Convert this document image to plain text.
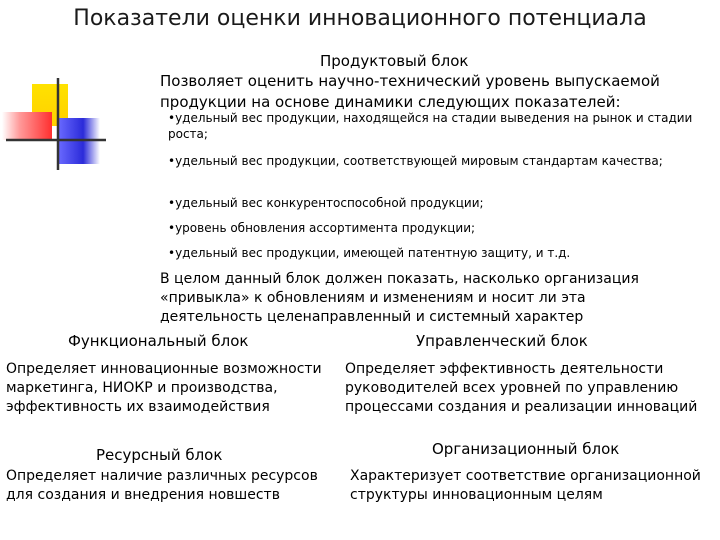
Показатели оценки инновационного потенциала
Продуктовый блок
Позволяет оценить научно-технический уровень выпускаемой продукции на основе динамики следующих показателей:
•удельный вес продукции, находящейся на стадии выведения на рынок и стадии роста;
•удельный вес продукции, соответствующей мировым стандартам качества;
•удельный вес конкурентоспособной продукции;
•уровень обновления ассортимента продукции;
•удельный вес продукции, имеющей патентную защиту, и т.д.
В целом данный блок должен показать, насколько организация «привыкла» к обновлениям и изменениям и носит ли эта деятельность целенаправленный и системный характер
Функциональный блок	Управленческий блок
Определяет инновационные возможности маркетинга, НИОКР и производства, эффективность их взаимодействия
Определяет эффективность деятельности руководителей всех уровней по управлению процессами создания и реализации инноваций
Ресурсный блок	Организационный блок
Определяет наличие различных ресурсов для создания и внедрения новшеств
Характеризует соответствие организационной структуры инновационным целям
